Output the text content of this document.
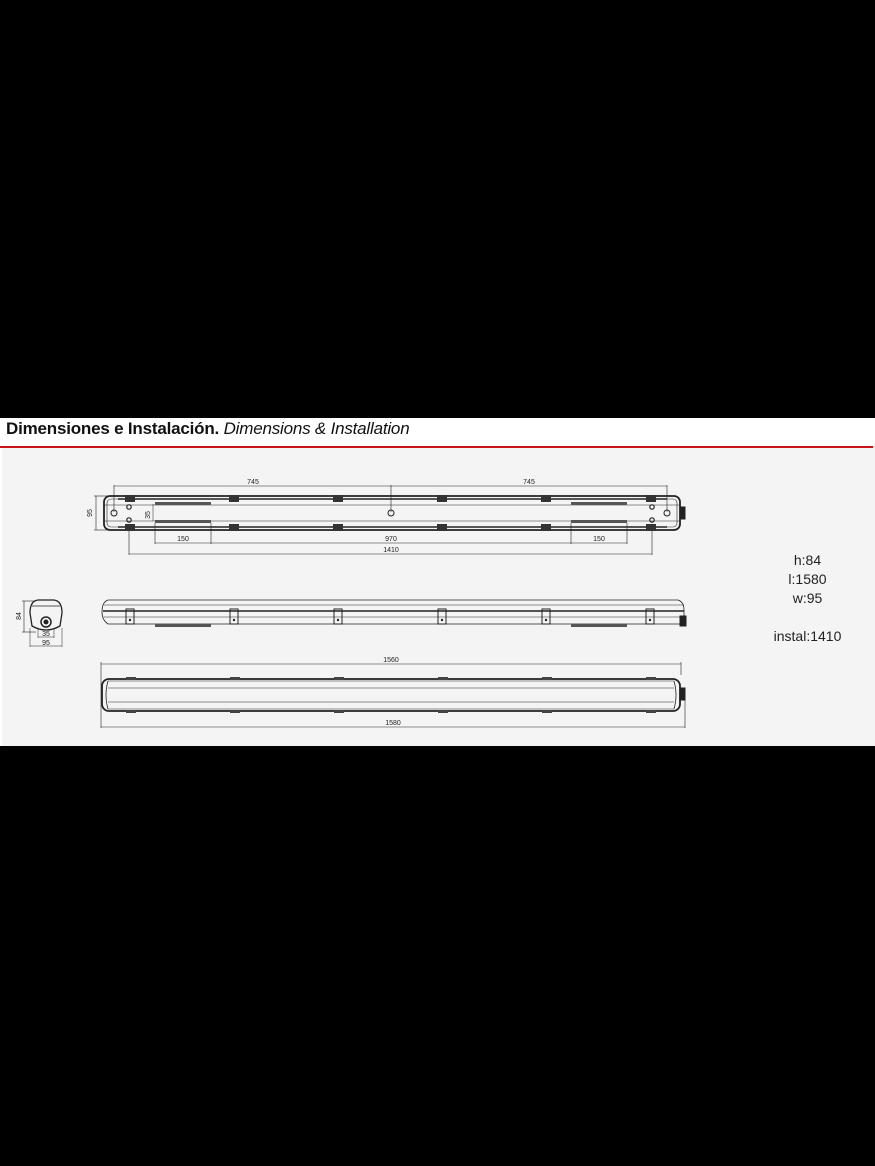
Dimensiones e Instalación. Dimensions & Installation
745	745
95	35
150	970	150
1410
84
35
95
1560
1580
h:84
l:1580
w:95
instal:1410
